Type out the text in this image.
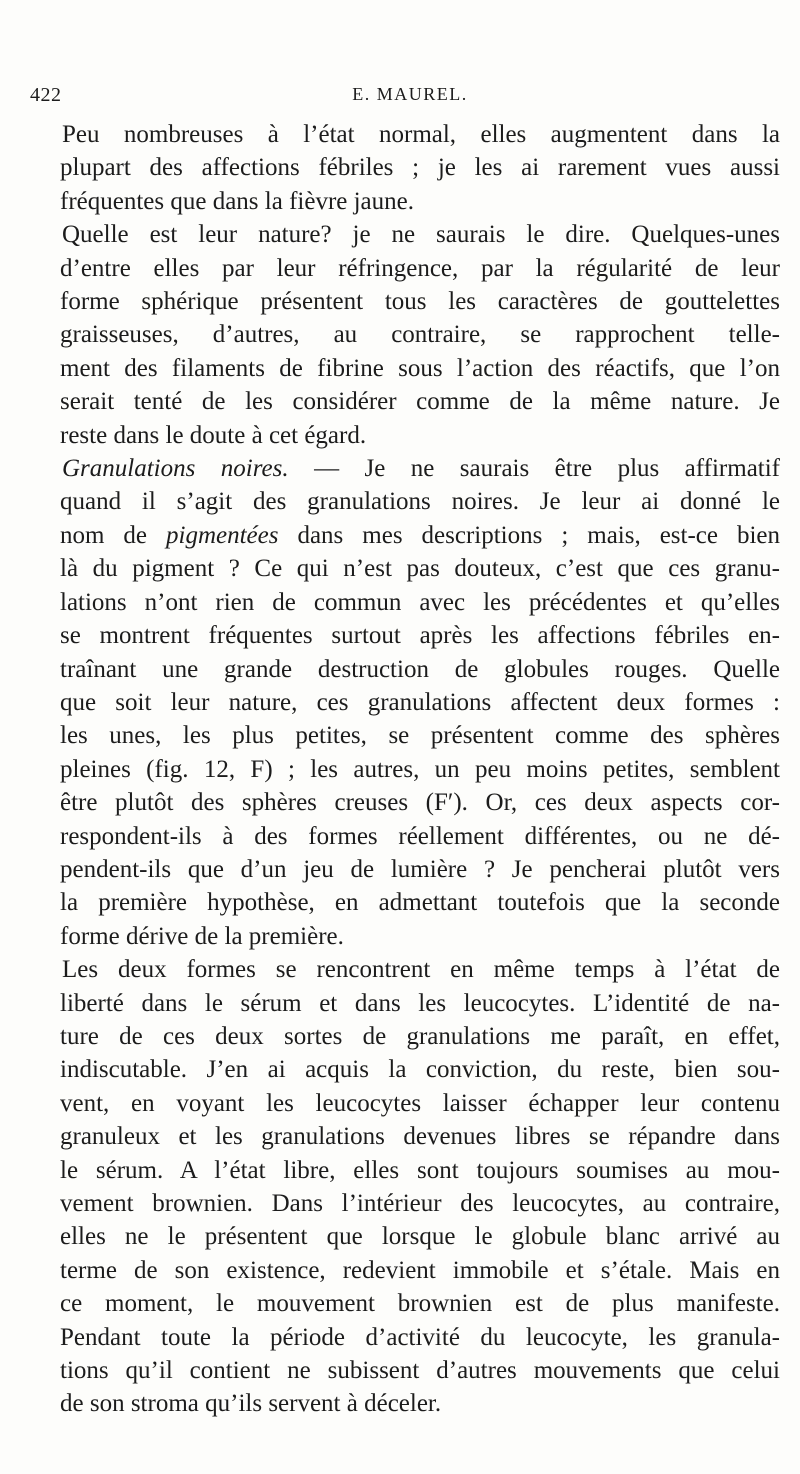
422	E. MAUREL.

Peu nombreuses à l’état normal, elles augmentent dans la
plupart des affections fébriles ; je les ai rarement vues aussi
fréquentes que dans la fièvre jaune.

Quelle est leur nature? je ne saurais le dire. Quelques-unes
d’entre elles par leur réfringence, par la régularité de leur
forme sphérique présentent tous les caractères de gouttelettes
graisseuses, d’autres, au contraire, se rapprochent telle-
ment des filaments de fibrine sous l’action des réactifs, que l’on
serait tenté de les considérer comme de la même nature. Je
reste dans le doute à cet égard.

Granulations noires. — Je ne saurais être plus affirmatif
quand il s’agit des granulations noires. Je leur ai donné le
nom de pigmentées dans mes descriptions ; mais, est-ce bien
là du pigment ? Ce qui n’est pas douteux, c’est que ces granu-
lations n’ont rien de commun avec les précédentes et qu’elles
se montrent fréquentes surtout après les affections fébriles en-
traînant une grande destruction de globules rouges. Quelle
que soit leur nature, ces granulations affectent deux formes :
les unes, les plus petites, se présentent comme des sphères
pleines (fig. 12, F) ; les autres, un peu moins petites, semblent
être plutôt des sphères creuses (F′). Or, ces deux aspects cor-
respondent-ils à des formes réellement différentes, ou ne dé-
pendent-ils que d’un jeu de lumière ? Je pencherai plutôt vers
la première hypothèse, en admettant toutefois que la seconde
forme dérive de la première.

Les deux formes se rencontrent en même temps à l’état de
liberté dans le sérum et dans les leucocytes. L’identité de na-
ture de ces deux sortes de granulations me paraît, en effet,
indiscutable. J’en ai acquis la conviction, du reste, bien sou-
vent, en voyant les leucocytes laisser échapper leur contenu
granuleux et les granulations devenues libres se répandre dans
le sérum. A l’état libre, elles sont toujours soumises au mou-
vement brownien. Dans l’intérieur des leucocytes, au contraire,
elles ne le présentent que lorsque le globule blanc arrivé au
terme de son existence, redevient immobile et s’étale. Mais en
ce moment, le mouvement brownien est de plus manifeste.
Pendant toute la période d’activité du leucocyte, les granula-
tions qu’il contient ne subissent d’autres mouvements que celui
de son stroma qu’ils servent à déceler.
